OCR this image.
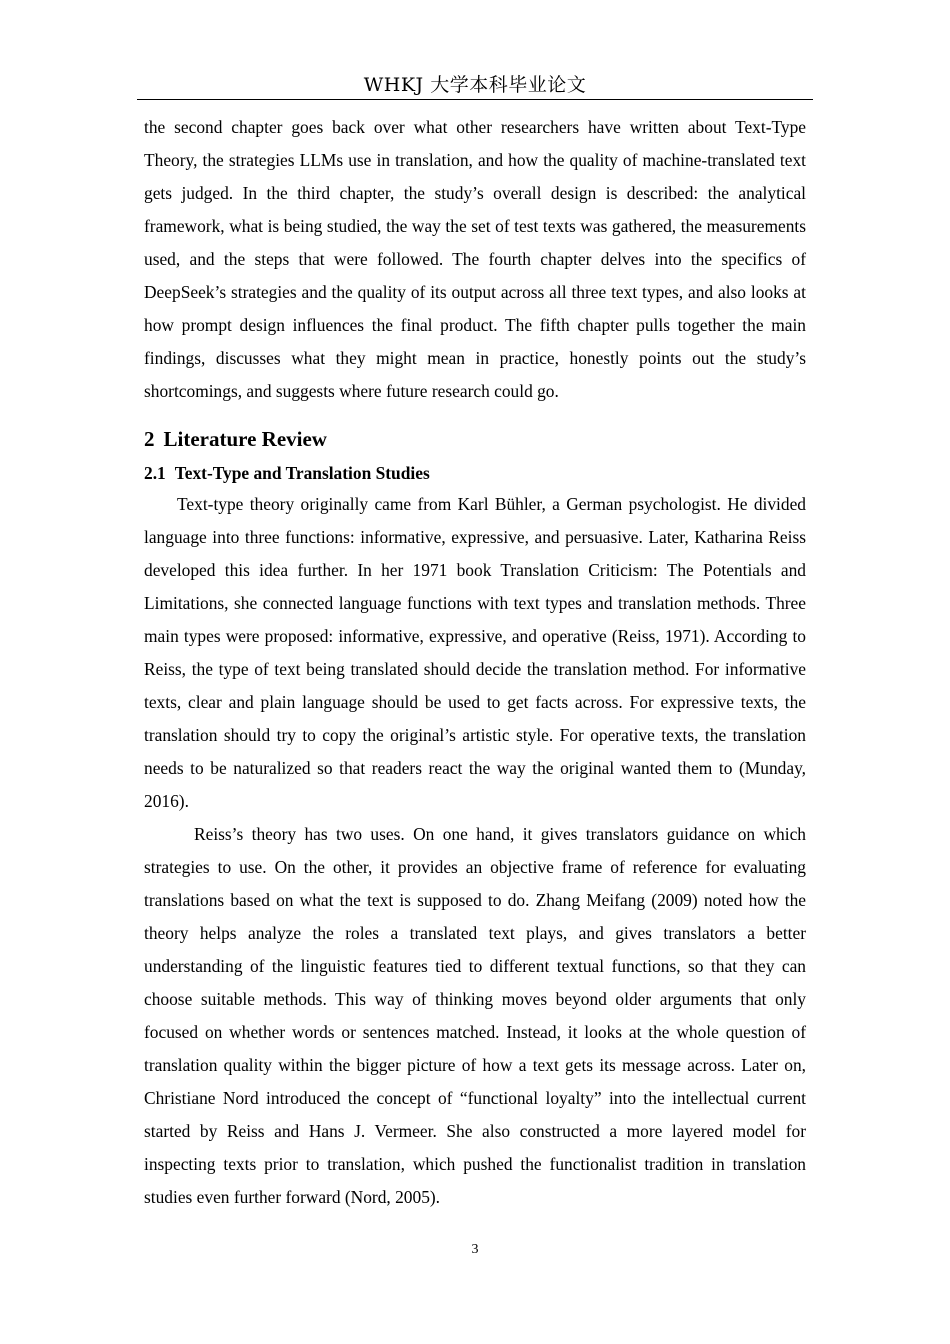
WHKJ 大学本科毕业论文

the second chapter goes back over what other researchers have written about Text-Type Theory, the strategies LLMs use in translation, and how the quality of machine-translated text gets judged. In the third chapter, the study’s overall design is described: the analytical framework, what is being studied, the way the set of test texts was gathered, the measurements used, and the steps that were followed. The fourth chapter delves into the specifics of DeepSeek’s strategies and the quality of its output across all three text types, and also looks at how prompt design influences the final product. The fifth chapter pulls together the main findings, discusses what they might mean in practice, honestly points out the study’s shortcomings, and suggests where future research could go.

2 Literature Review
2.1 Text-Type and Translation Studies

Text-type theory originally came from Karl Bühler, a German psychologist. He divided language into three functions: informative, expressive, and persuasive. Later, Katharina Reiss developed this idea further. In her 1971 book Translation Criticism: The Potentials and Limitations, she connected language functions with text types and translation methods. Three main types were proposed: informative, expressive, and operative (Reiss, 1971). According to Reiss, the type of text being translated should decide the translation method. For informative texts, clear and plain language should be used to get facts across. For expressive texts, the translation should try to copy the original’s artistic style. For operative texts, the translation needs to be naturalized so that readers react the way the original wanted them to (Munday, 2016).

Reiss’s theory has two uses. On one hand, it gives translators guidance on which strategies to use. On the other, it provides an objective frame of reference for evaluating translations based on what the text is supposed to do. Zhang Meifang (2009) noted how the theory helps analyze the roles a translated text plays, and gives translators a better understanding of the linguistic features tied to different textual functions, so that they can choose suitable methods. This way of thinking moves beyond older arguments that only focused on whether words or sentences matched. Instead, it looks at the whole question of translation quality within the bigger picture of how a text gets its message across. Later on, Christiane Nord introduced the concept of “functional loyalty” into the intellectual current started by Reiss and Hans J. Vermeer. She also constructed a more layered model for inspecting texts prior to translation, which pushed the functionalist tradition in translation studies even further forward (Nord, 2005).

3
